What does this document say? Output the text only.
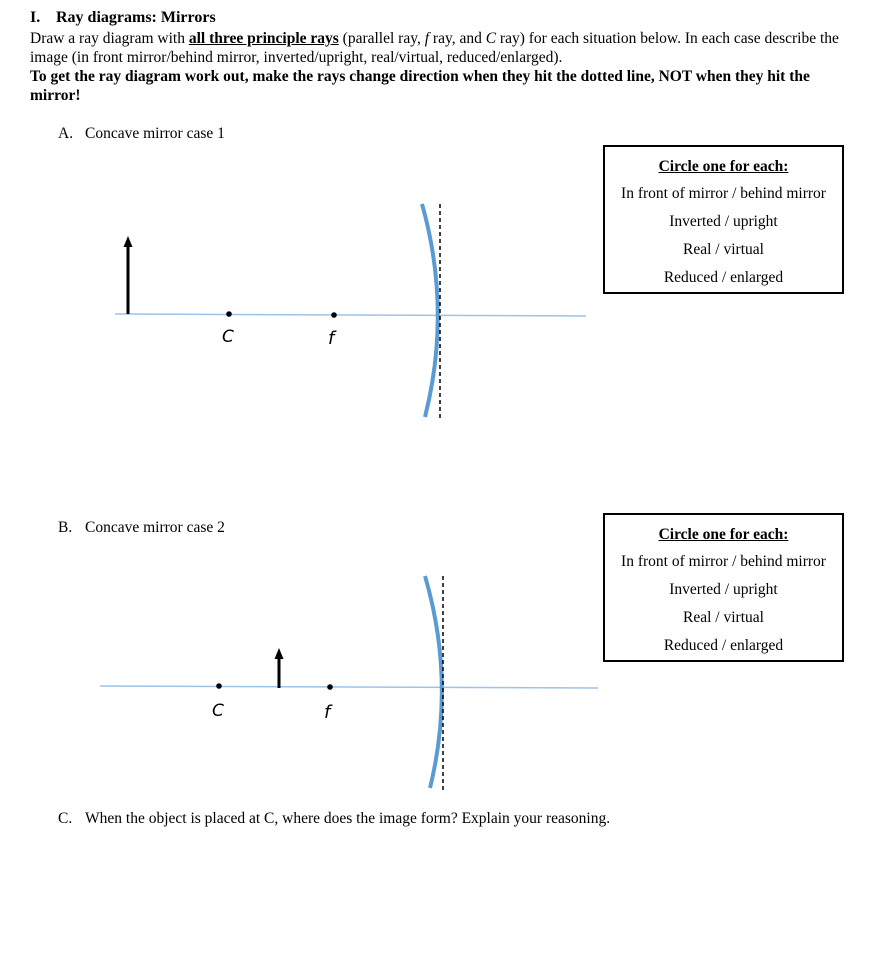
I. Ray diagrams: Mirrors
Draw a ray diagram with all three principle rays (parallel ray, f ray, and C ray) for each situation below. In each case describe the image (in front mirror/behind mirror, inverted/upright, real/virtual, reduced/enlarged).
To get the ray diagram work out, make the rays change direction when they hit the dotted line, NOT when they hit the mirror!
A. Concave mirror case 1
C	f
C	f
Circle one for each:
In front of mirror / behind mirror
Inverted / upright
Real / virtual
Reduced / enlarged
B. Concave mirror case 2	Circle one for each:
In front of mirror / behind mirror
Inverted / upright
Real / virtual
Reduced / enlarged
C. When the object is placed at C, where does the image form? Explain your reasoning.
